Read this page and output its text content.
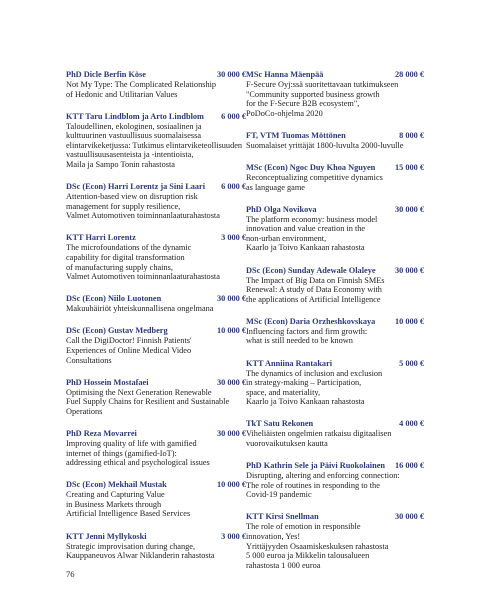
PhD Dicle Berfin Köse	30 000 €
Not My Type: The Complicated Relationship
of Hedonic and Utilitarian Values
KTT Taru Lindblom ja Arto Lindblom 6 000 €
Taloudellinen, ekologinen, sosiaalinen ja
kulttuurinen vastuullisuus suomalaisessa
elintarvikeketjussa: Tutkimus elintarviketeollisuuden
vastuullisuusasenteista ja -intentioista,
Maila ja Sampo Tonin rahastosta
DSc (Econ) Harri Lorentz ja Sini Laari 6 000 €
Attention-based view on disruption risk
management for supply resilience,
Valmet Automotiven toiminnanlaaturahastosta
KTT Harri Lorentz	3 000 €
The microfoundations of the dynamic
capability for digital transformation
of manufacturing supply chains,
Valmet Automotiven toiminnanlaaturahastosta
DSc (Econ) Niilo Luotonen	30 000 €
Makuuhäiriöt yhteiskunnallisena ongelmana
DSc (Econ) Gustav Medberg	10 000 €
Call the DigiDoctor! Finnish Patients'
Experiences of Online Medical Video
Consultations
PhD Hossein Mostafaei	30 000 €
Optimising the Next Generation Renewable
Fuel Supply Chains for Resilient and Sustainable
Operations
PhD Reza Movarrei	30 000 €
Improving quality of life with gamified
internet of things (gamified-IoT):
addressing ethical and psychological issues
DSc (Econ) Mekhail Mustak	10 000 €
Creating and Capturing Value
in Business Markets through
Artificial Intelligence Based Services
KTT Jenni Myllykoski	3 000 €
Strategic improvisation during change,
Kauppaneuvos Alwar Niklanderin rahastosta
MSc Hanna Mäenpää	28 000 €
F-Secure Oyj:ssä suoritettavaan tutkimukseen
"Community supported business growth
for the F-Secure B2B ecosystem",
PoDoCo-ohjelma 2020
FT, VTM Tuomas Möttönen	8 000 €
Suomalaiset yrittäjät 1800-luvulta 2000-luvulle
MSc (Econ) Ngoc Duy Khoa Nguyen 15 000 €
Reconceptualizing competitive dynamics
as language game
PhD Olga Novikova	30 000 €
The platform economy: business model
innovation and value creation in the
non-urban environment,
Kaarlo ja Toivo Kankaan rahastosta
DSc (Econ) Sunday Adewale Olaleye 30 000 €
The Impact of Big Data on Finnish SMEs
Renewal: A study of Data Economy with
the applications of Artificial Intelligence
MSc (Econ) Daria Orzheshkovskaya 10 000 €
Influencing factors and firm growth:
what is still needed to be known
KTT Anniina Rantakari	5 000 €
The dynamics of inclusion and exclusion
in strategy-making – Participation,
space, and materiality,
Kaarlo ja Toivo Kankaan rahastosta
TkT Satu Rekonen	4 000 €
Viheliäisten ongelmien ratkaisu digitaalisen
vuorovaikutuksen kautta
PhD Kathrin Sele ja Päivi Ruokolainen 16 000 €
Disrupting, altering and enforcing connection:
The role of routines in responding to the
Covid-19 pandemic
KTT Kirsi Snellman	30 000 €
The role of emotion in responsible
innovation, Yes!
Yrittäjyyden Osaamiskeskuksen rahastosta
5 000 euroa ja Mikkelin talousalueen
rahastosta 1 000 euroa
76
